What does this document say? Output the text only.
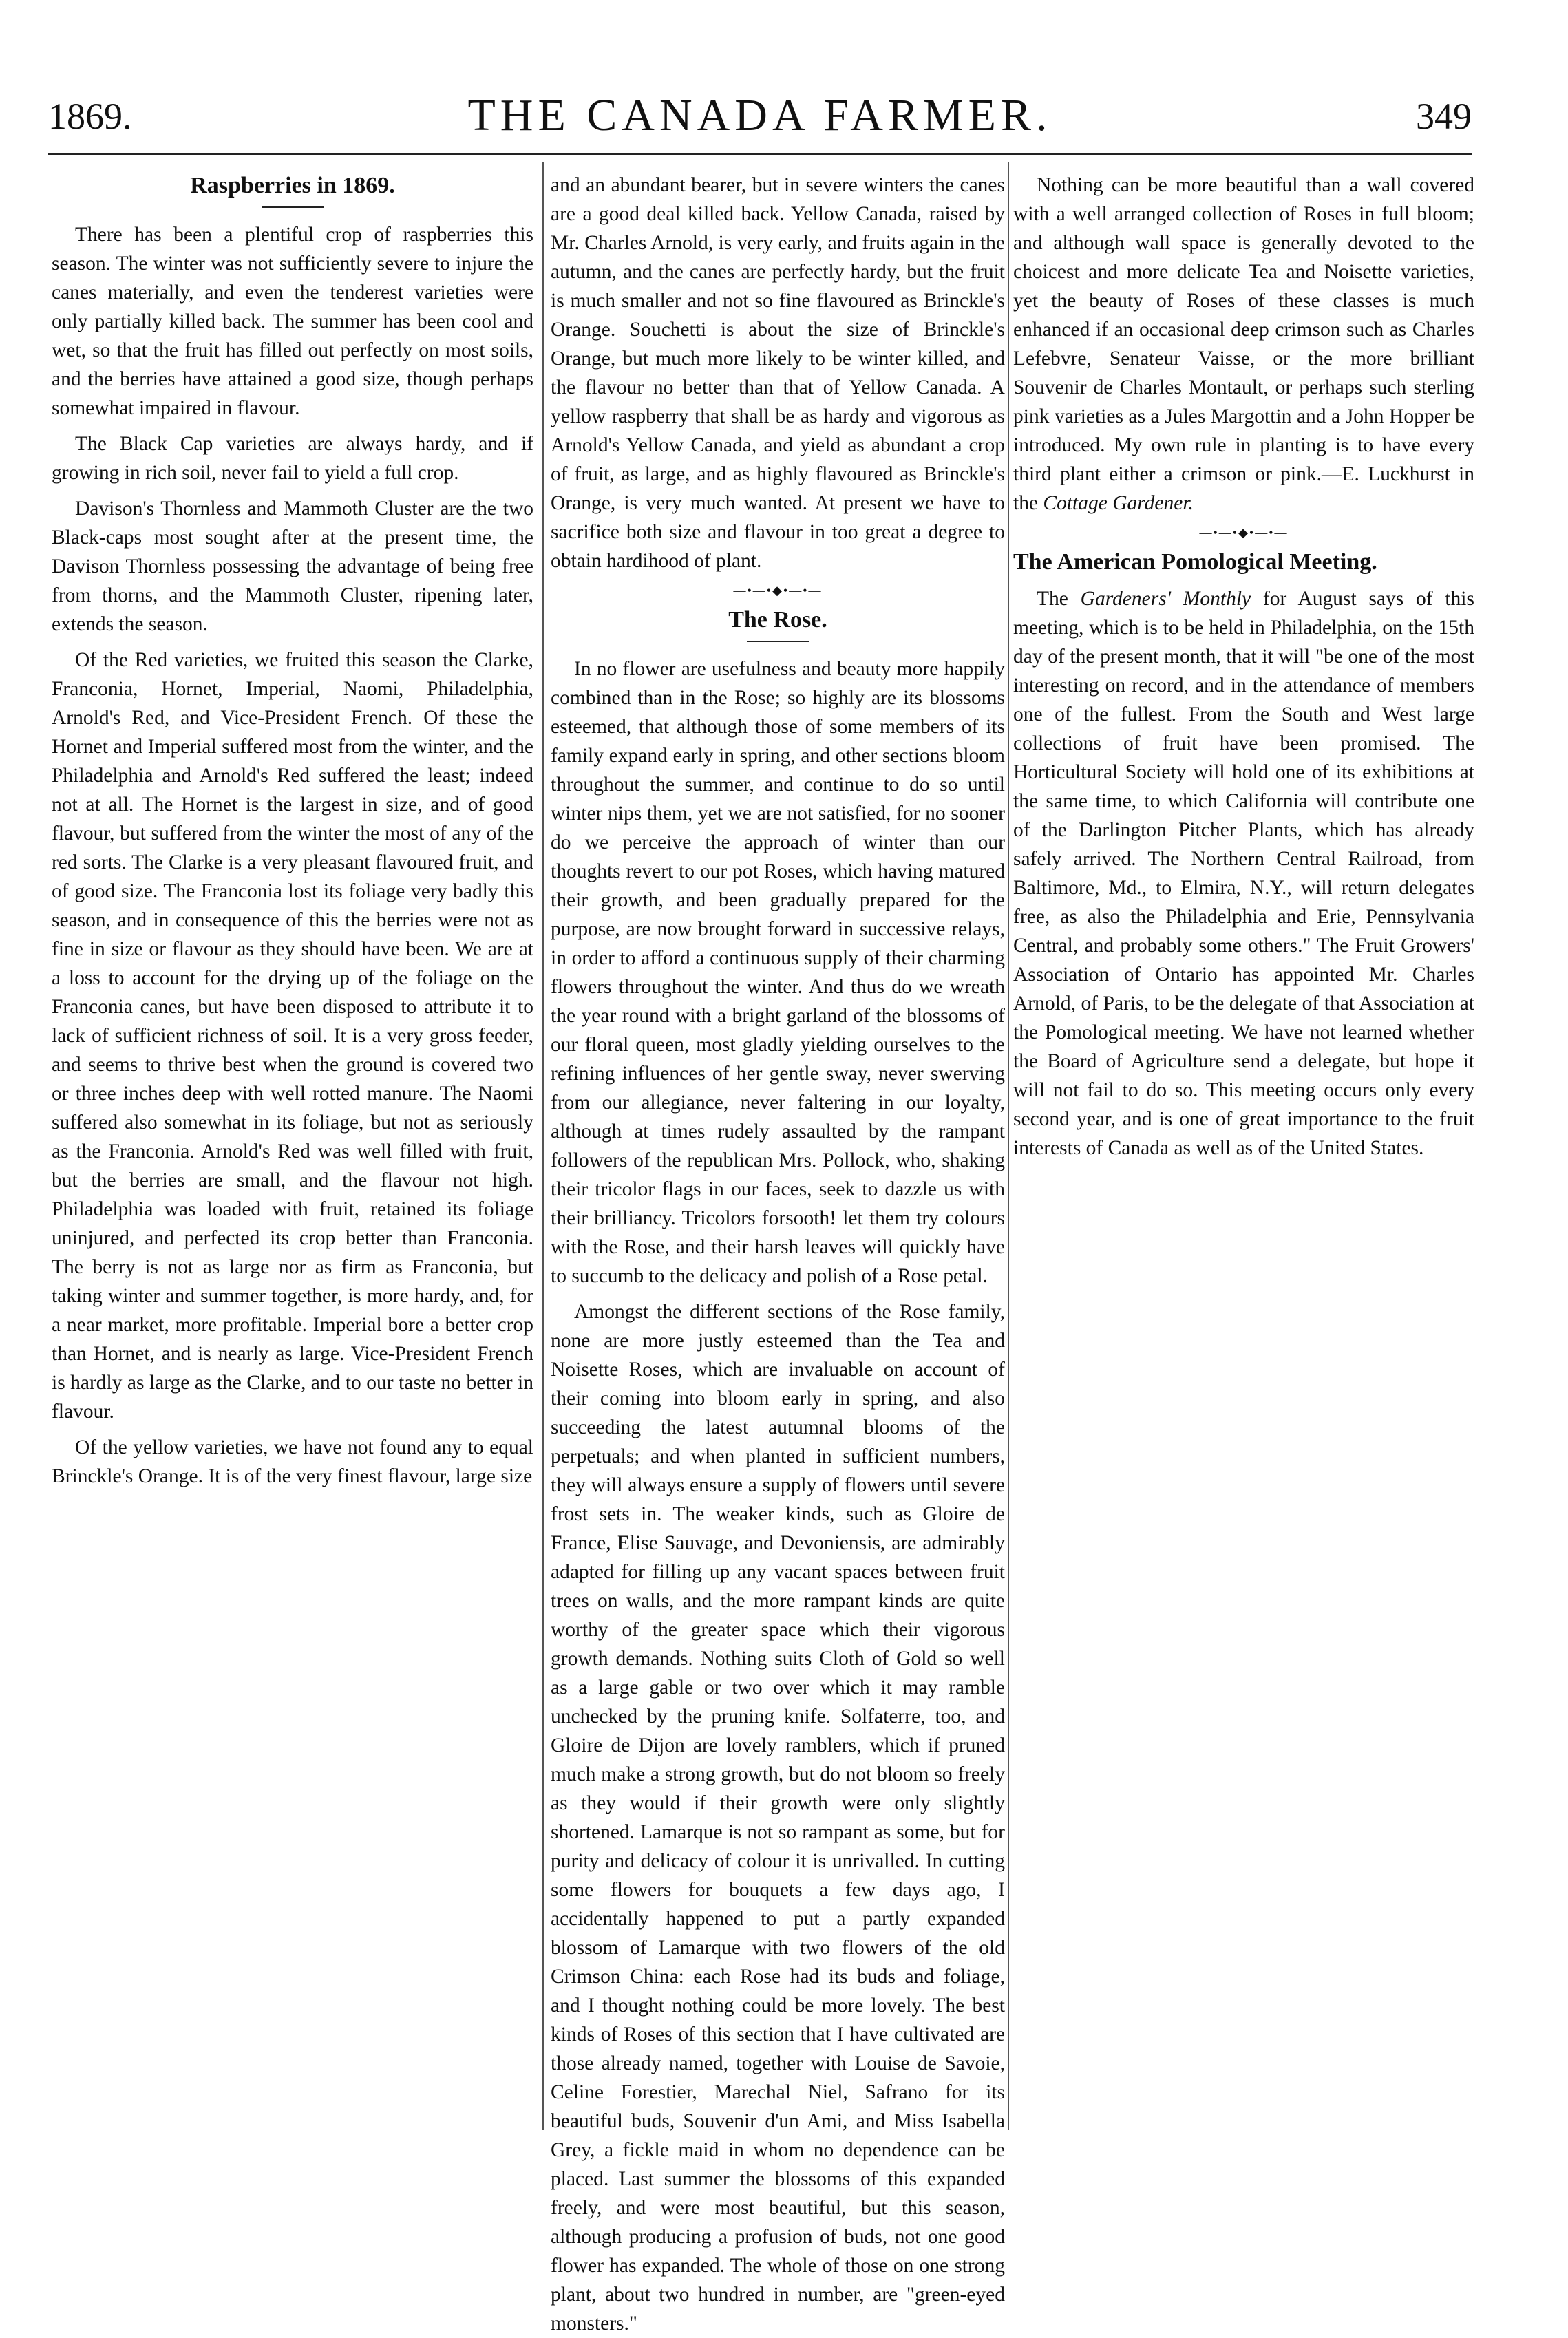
1869.	THE CANADA FARMER.	349
Raspberries in 1869.

There has been a plentiful crop of raspberries this season. The winter was not sufficiently severe to injure the canes materially, and even the tenderest varieties were only partially killed back. The summer has been cool and wet, so that the fruit has filled out perfectly on most soils, and the berries have attained a good size, though perhaps somewhat impaired in flavour.

The Black Cap varieties are always hardy, and if growing in rich soil, never fail to yield a full crop.

Davison's Thornless and Mammoth Cluster are the two Black-caps most sought after at the present time, the Davison Thornless possessing the advantage of being free from thorns, and the Mammoth Cluster, ripening later, extends the season.

Of the Red varieties, we fruited this season the Clarke, Franconia, Hornet, Imperial, Naomi, Philadelphia, Arnold's Red, and Vice-President French. Of these the Hornet and Imperial suffered most from the winter, and the Philadelphia and Arnold's Red suffered the least; indeed not at all. The Hornet is the largest in size, and of good flavour, but suffered from the winter the most of any of the red sorts. The Clarke is a very pleasant flavoured fruit, and of good size. The Franconia lost its foliage very badly this season, and in consequence of this the berries were not as fine in size or flavour as they should have been. We are at a loss to account for the drying up of the foliage on the Franconia canes, but have been disposed to attribute it to lack of sufficient richness of soil. It is a very gross feeder, and seems to thrive best when the ground is covered two or three inches deep with well rotted manure. The Naomi suffered also somewhat in its foliage, but not as seriously as the Franconia. Arnold's Red was well filled with fruit, but the berries are small, and the flavour not high. Philadelphia was loaded with fruit, retained its foliage uninjured, and perfected its crop better than Franconia. The berry is not as large nor as firm as Franconia, but taking winter and summer together, is more hardy, and, for a near market, more profitable. Imperial bore a better crop than Hornet, and is nearly as large. Vice-President French is hardly as large as the Clarke, and to our taste no better in flavour.

Of the yellow varieties, we have not found any to equal Brinckle's Orange. It is of the very finest flavour, large size

and an abundant bearer, but in severe winters the canes are a good deal killed back. Yellow Canada, raised by Mr. Charles Arnold, is very early, and fruits again in the autumn, and the canes are perfectly hardy, but the fruit is much smaller and not so fine flavoured as Brinckle's Orange. Souchetti is about the size of Brinckle's Orange, but much more likely to be winter killed, and the flavour no better than that of Yellow Canada. A yellow raspberry that shall be as hardy and vigorous as Arnold's Yellow Canada, and yield as abundant a crop of fruit, as large, and as highly flavoured as Brinckle's Orange, is very much wanted. At present we have to sacrifice both size and flavour in too great a degree to obtain hardihood of plant.

—•—•◆•—•—
The Rose.

In no flower are usefulness and beauty more happily combined than in the Rose; so highly are its blossoms esteemed, that although those of some members of its family expand early in spring, and other sections bloom throughout the summer, and continue to do so until winter nips them, yet we are not satisfied, for no sooner do we perceive the approach of winter than our thoughts revert to our pot Roses, which having matured their growth, and been gradually prepared for the purpose, are now brought forward in successive relays, in order to afford a continuous supply of their charming flowers throughout the winter. And thus do we wreath the year round with a bright garland of the blossoms of our floral queen, most gladly yielding ourselves to the refining influences of her gentle sway, never swerving from our allegiance, never faltering in our loyalty, although at times rudely assaulted by the rampant followers of the republican Mrs. Pollock, who, shaking their tricolor flags in our faces, seek to dazzle us with their brilliancy. Tricolors forsooth! let them try colours with the Rose, and their harsh leaves will quickly have to succumb to the delicacy and polish of a Rose petal.

Amongst the different sections of the Rose family, none are more justly esteemed than the Tea and Noisette Roses, which are invaluable on account of their coming into bloom early in spring, and also succeeding the latest autumnal blooms of the perpetuals; and when planted in sufficient numbers, they will always ensure a supply of flowers until severe frost sets in. The weaker kinds, such as Gloire de France, Elise Sauvage, and Devoniensis, are admirably adapted for filling up any vacant spaces between fruit trees on walls, and the more rampant kinds are quite worthy of the greater space which their vigorous growth demands. Nothing suits Cloth of Gold so well as a large gable or two over which it may ramble unchecked by the pruning knife. Solfaterre, too, and Gloire de Dijon are lovely ramblers, which if pruned much make a strong growth, but do not bloom so freely as they would if their growth were only slightly shortened. Lamarque is not so rampant as some, but for purity and delicacy of colour it is unrivalled. In cutting some flowers for bouquets a few days ago, I accidentally happened to put a partly expanded blossom of Lamarque with two flowers of the old Crimson China: each Rose had its buds and foliage, and I thought nothing could be more lovely. The best kinds of Roses of this section that I have cultivated are those already named, together with Louise de Savoie, Celine Forestier, Marechal Niel, Safrano for its beautiful buds, Souvenir d'un Ami, and Miss Isabella Grey, a fickle maid in whom no dependence can be placed. Last summer the blossoms of this expanded freely, and were most beautiful, but this season, although producing a profusion of buds, not one good flower has expanded. The whole of those on one strong plant, about two hundred in number, are "green-eyed monsters."

Nothing can be more beautiful than a wall covered with a well arranged collection of Roses in full bloom; and although wall space is generally devoted to the choicest and more delicate Tea and Noisette varieties, yet the beauty of Roses of these classes is much enhanced if an occasional deep crimson such as Charles Lefebvre, Senateur Vaisse, or the more brilliant Souvenir de Charles Montault, or perhaps such sterling pink varieties as a Jules Margottin and a John Hopper be introduced. My own rule in planting is to have every third plant either a crimson or pink.—E. Luckhurst in the Cottage Gardener.

—•—•◆•—•—
The American Pomological Meeting.

The Gardeners' Monthly for August says of this meeting, which is to be held in Philadelphia, on the 15th day of the present month, that it will "be one of the most interesting on record, and in the attendance of members one of the fullest. From the South and West large collections of fruit have been promised. The Horticultural Society will hold one of its exhibitions at the same time, to which California will contribute one of the Darlington Pitcher Plants, which has already safely arrived. The Northern Central Railroad, from Baltimore, Md., to Elmira, N.Y., will return delegates free, as also the Philadelphia and Erie, Pennsylvania Central, and probably some others." The Fruit Growers' Association of Ontario has appointed Mr. Charles Arnold, of Paris, to be the delegate of that Association at the Pomological meeting. We have not learned whether the Board of Agriculture send a delegate, but hope it will not fail to do so. This meeting occurs only every second year, and is one of great importance to the fruit interests of Canada as well as of the United States.
